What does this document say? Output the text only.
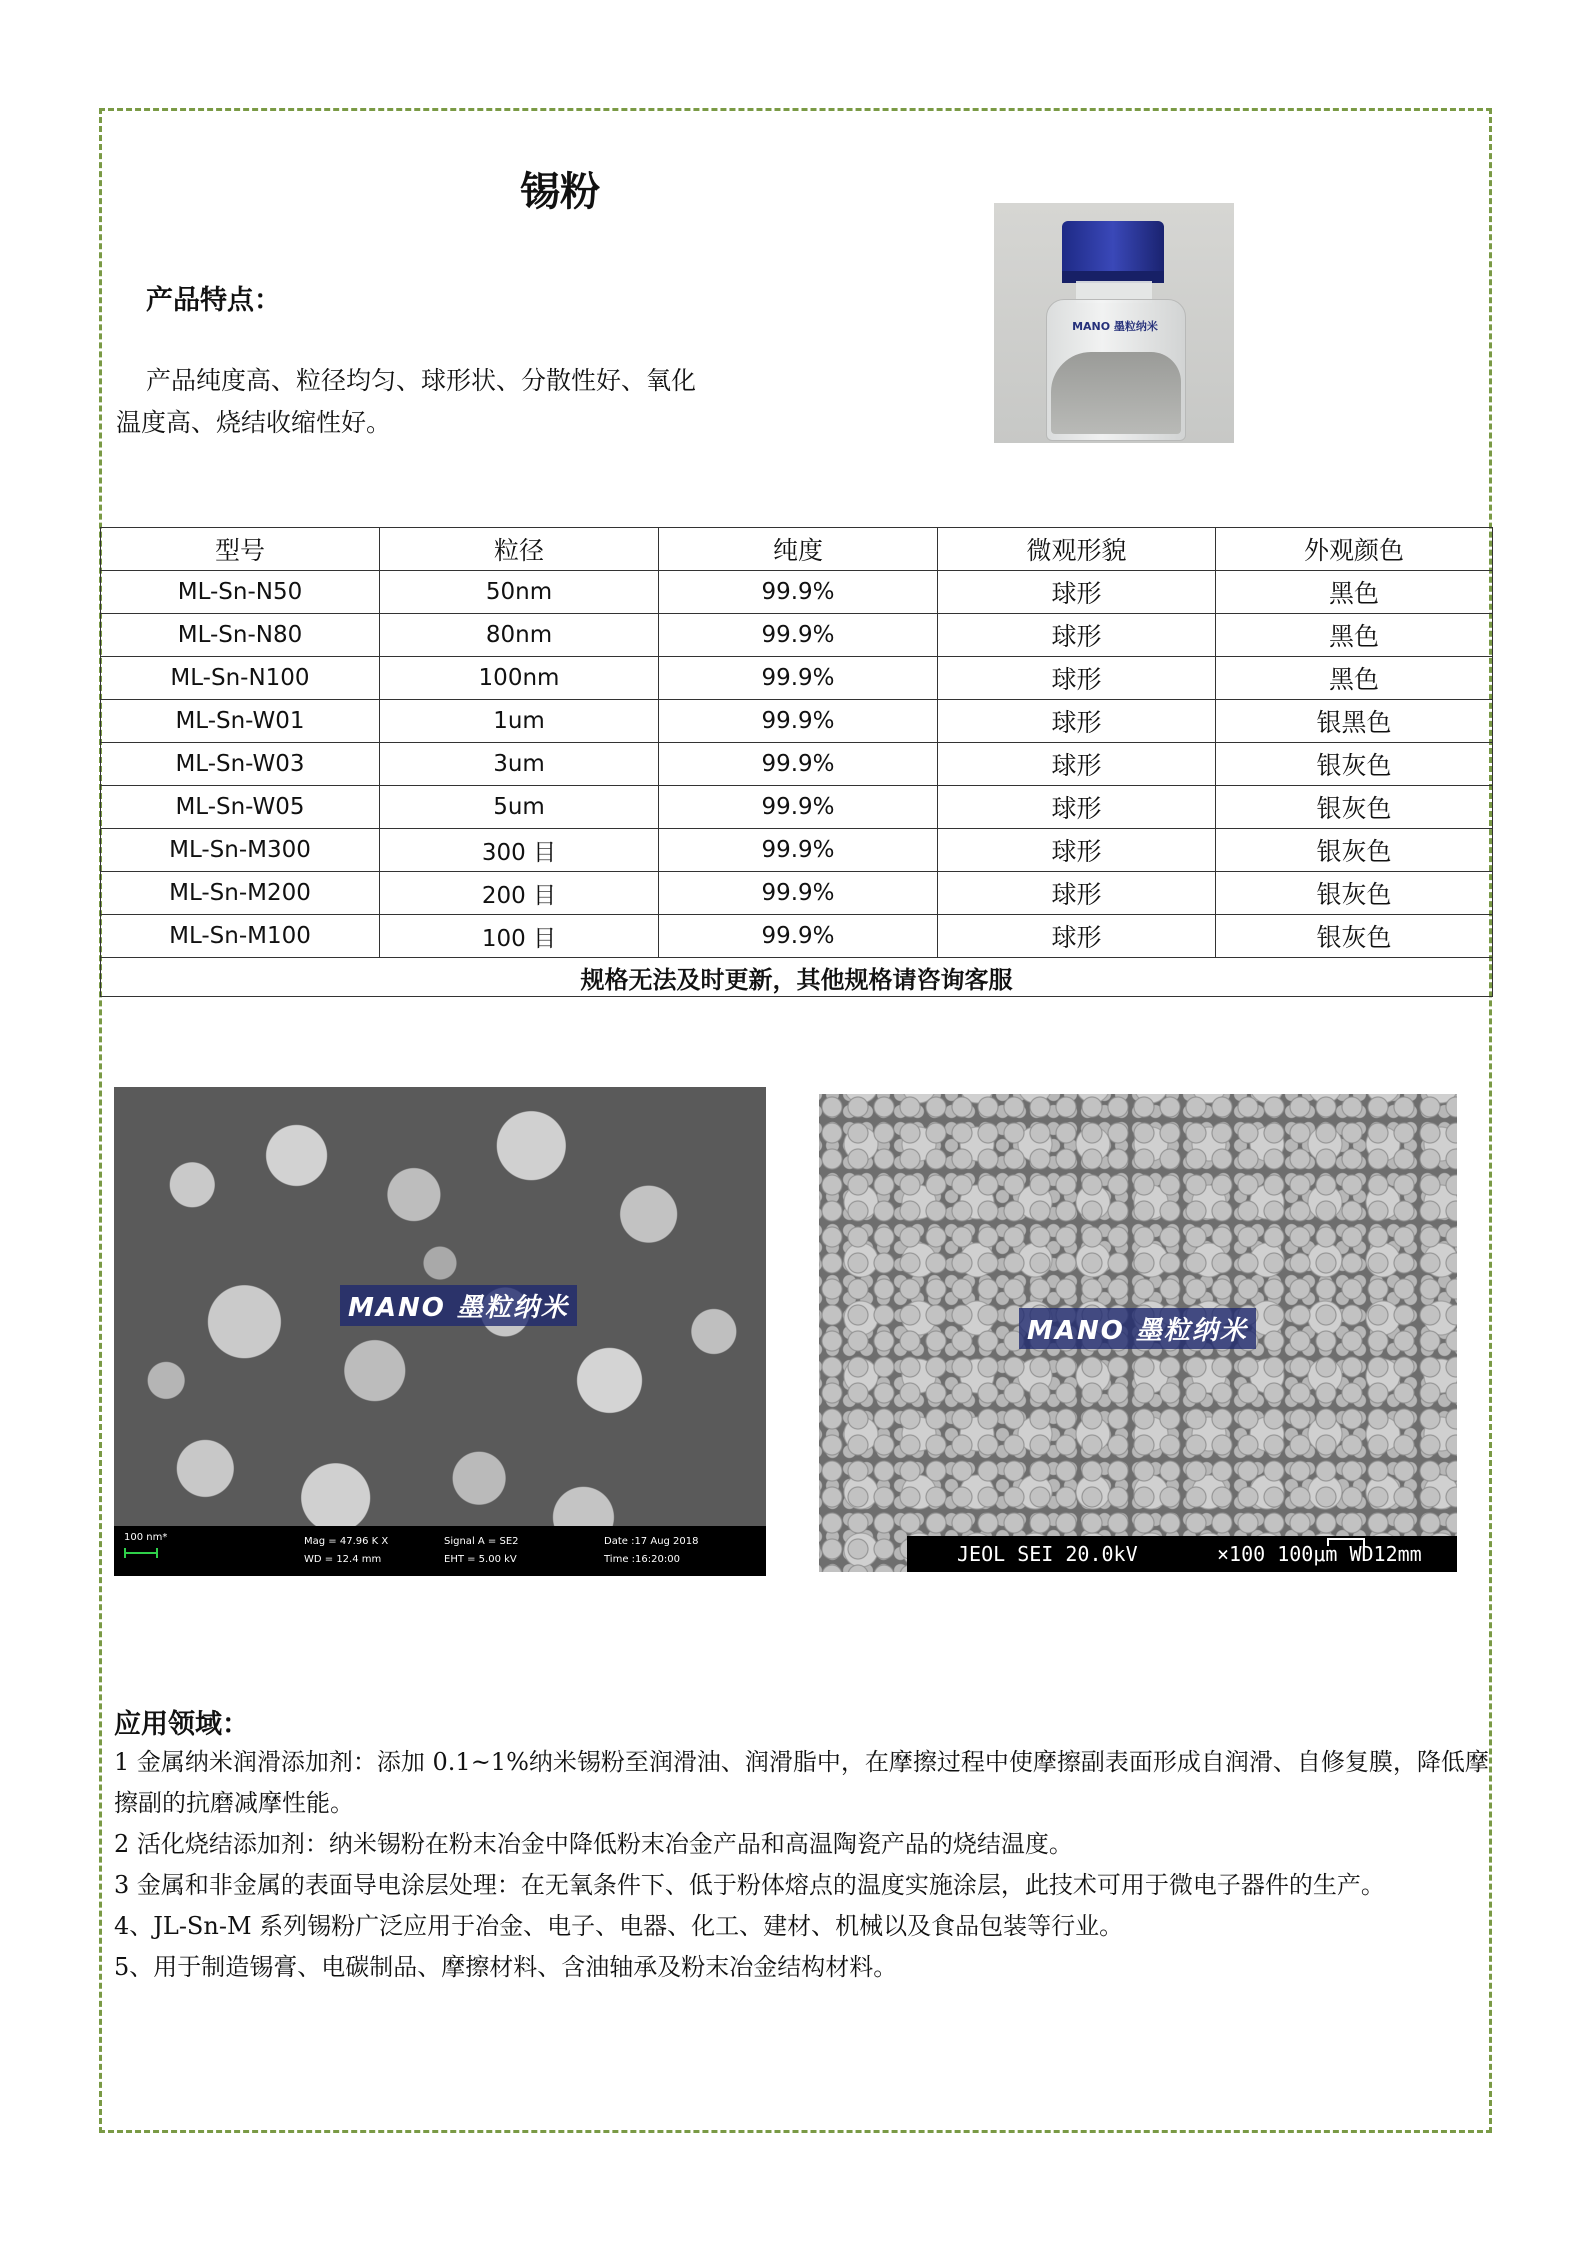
锡粉
产品特点：
产品纯度高、粒径均匀、球形状、分散性好、氧化温度高、烧结收缩性好。
MANO 墨粒纳米
型号	粒径	纯度	微观形貌	外观颜色
ML-Sn-N50	50nm	99.9%	球形	黑色
ML-Sn-N80	80nm	99.9%	球形	黑色
ML-Sn-N100	100nm	99.9%	球形	黑色
ML-Sn-W01	1um	99.9%	球形	银黑色
ML-Sn-W03	3um	99.9%	球形	银灰色
ML-Sn-W05	5um	99.9%	球形	银灰色
ML-Sn-M300	300 目	99.9%	球形	银灰色
ML-Sn-M200	200 目	99.9%	球形	银灰色
ML-Sn-M100	100 目	99.9%	球形	银灰色
规格无法及时更新，其他规格请咨询客服				
MANO 墨粒纳米
100 nm*	Mag = 47.96 K X
WD = 12.4 mm
Signal A = SE2
EHT = 5.00 kV
Date :17 Aug 2018
Time :16:20:00
MANO 墨粒纳米
JEOL SEI 20.0kV	×100 100μm WD12mm
应用领域：

1 金属纳米润滑添加剂：添加 0.1~1%纳米锡粉至润滑油、润滑脂中，在摩擦过程中使摩擦副表面形成自润滑、自修复膜，降低摩擦副的抗磨减摩性能。

2 活化烧结添加剂：纳米锡粉在粉末冶金中降低粉末冶金产品和高温陶瓷产品的烧结温度。

3 金属和非金属的表面导电涂层处理：在无氧条件下、低于粉体熔点的温度实施涂层，此技术可用于微电子器件的生产。

4、JL-Sn-M 系列锡粉广泛应用于冶金、电子、电器、化工、建材、机械以及食品包装等行业。

5、用于制造锡膏、电碳制品、摩擦材料、含油轴承及粉末冶金结构材料。
